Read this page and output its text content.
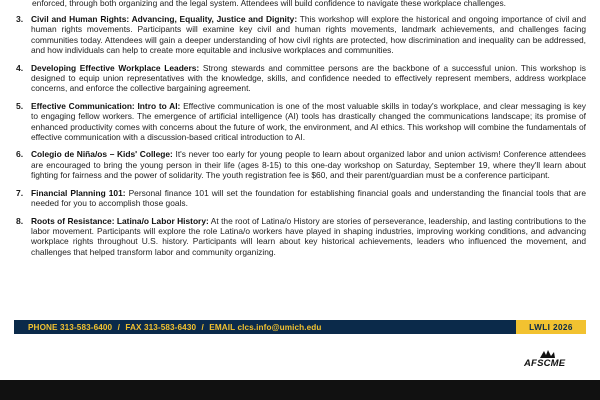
enforced, through both organizing and the legal system. Attendees will build confidence to navigate these workplace challenges.
3. Civil and Human Rights: Advancing, Equality, Justice and Dignity: This workshop will explore the historical and ongoing importance of civil and human rights movements. Participants will examine key civil and human rights movements, landmark achievements, and challenges facing communities today. Attendees will gain a deeper understanding of how civil rights are protected, how discrimination and inequality can be addressed, and how individuals can help to create more equitable and inclusive workplaces and communities.
4. Developing Effective Workplace Leaders: Strong stewards and committee persons are the backbone of a successful union. This workshop is designed to equip union representatives with the knowledge, skills, and confidence needed to effectively represent members, address workplace concerns, and enforce the collective bargaining agreement.
5. Effective Communication: Intro to AI: Effective communication is one of the most valuable skills in today's workplace, and clear messaging is key to engaging fellow workers. The emergence of artificial intelligence (AI) tools has drastically changed the communications landscape; its promise of enhanced productivity comes with concerns about the future of work, the environment, and AI ethics. This workshop will combine the fundamentals of effective communication with a discussion-based critical introduction to AI.
6. Colegio de Niña/os – Kids' College: It's never too early for young people to learn about organized labor and union activism! Conference attendees are encouraged to bring the young person in their life (ages 8-15) to this one-day workshop on Saturday, September 19, where they'll learn about fighting for fairness and the power of solidarity. The youth registration fee is $60, and their parent/guardian must be a conference participant.
7. Financial Planning 101: Personal finance 101 will set the foundation for establishing financial goals and understanding the financial tools that are needed for you to accomplish those goals.
8. Roots of Resistance: Latina/o Labor History: At the root of Latina/o History are stories of perseverance, leadership, and lasting contributions to the labor movement. Participants will explore the role Latina/o workers have played in shaping industries, improving working conditions, and advancing workplace rights throughout U.S. history. Participants will learn about key historical achievements, leaders who influenced the movement, and challenges that helped transform labor and community organizing.
PHONE 313-583-6400 / FAX 313-583-6430 / EMAIL clcs.info@umich.edu	LWLI 2026
AFSCME
